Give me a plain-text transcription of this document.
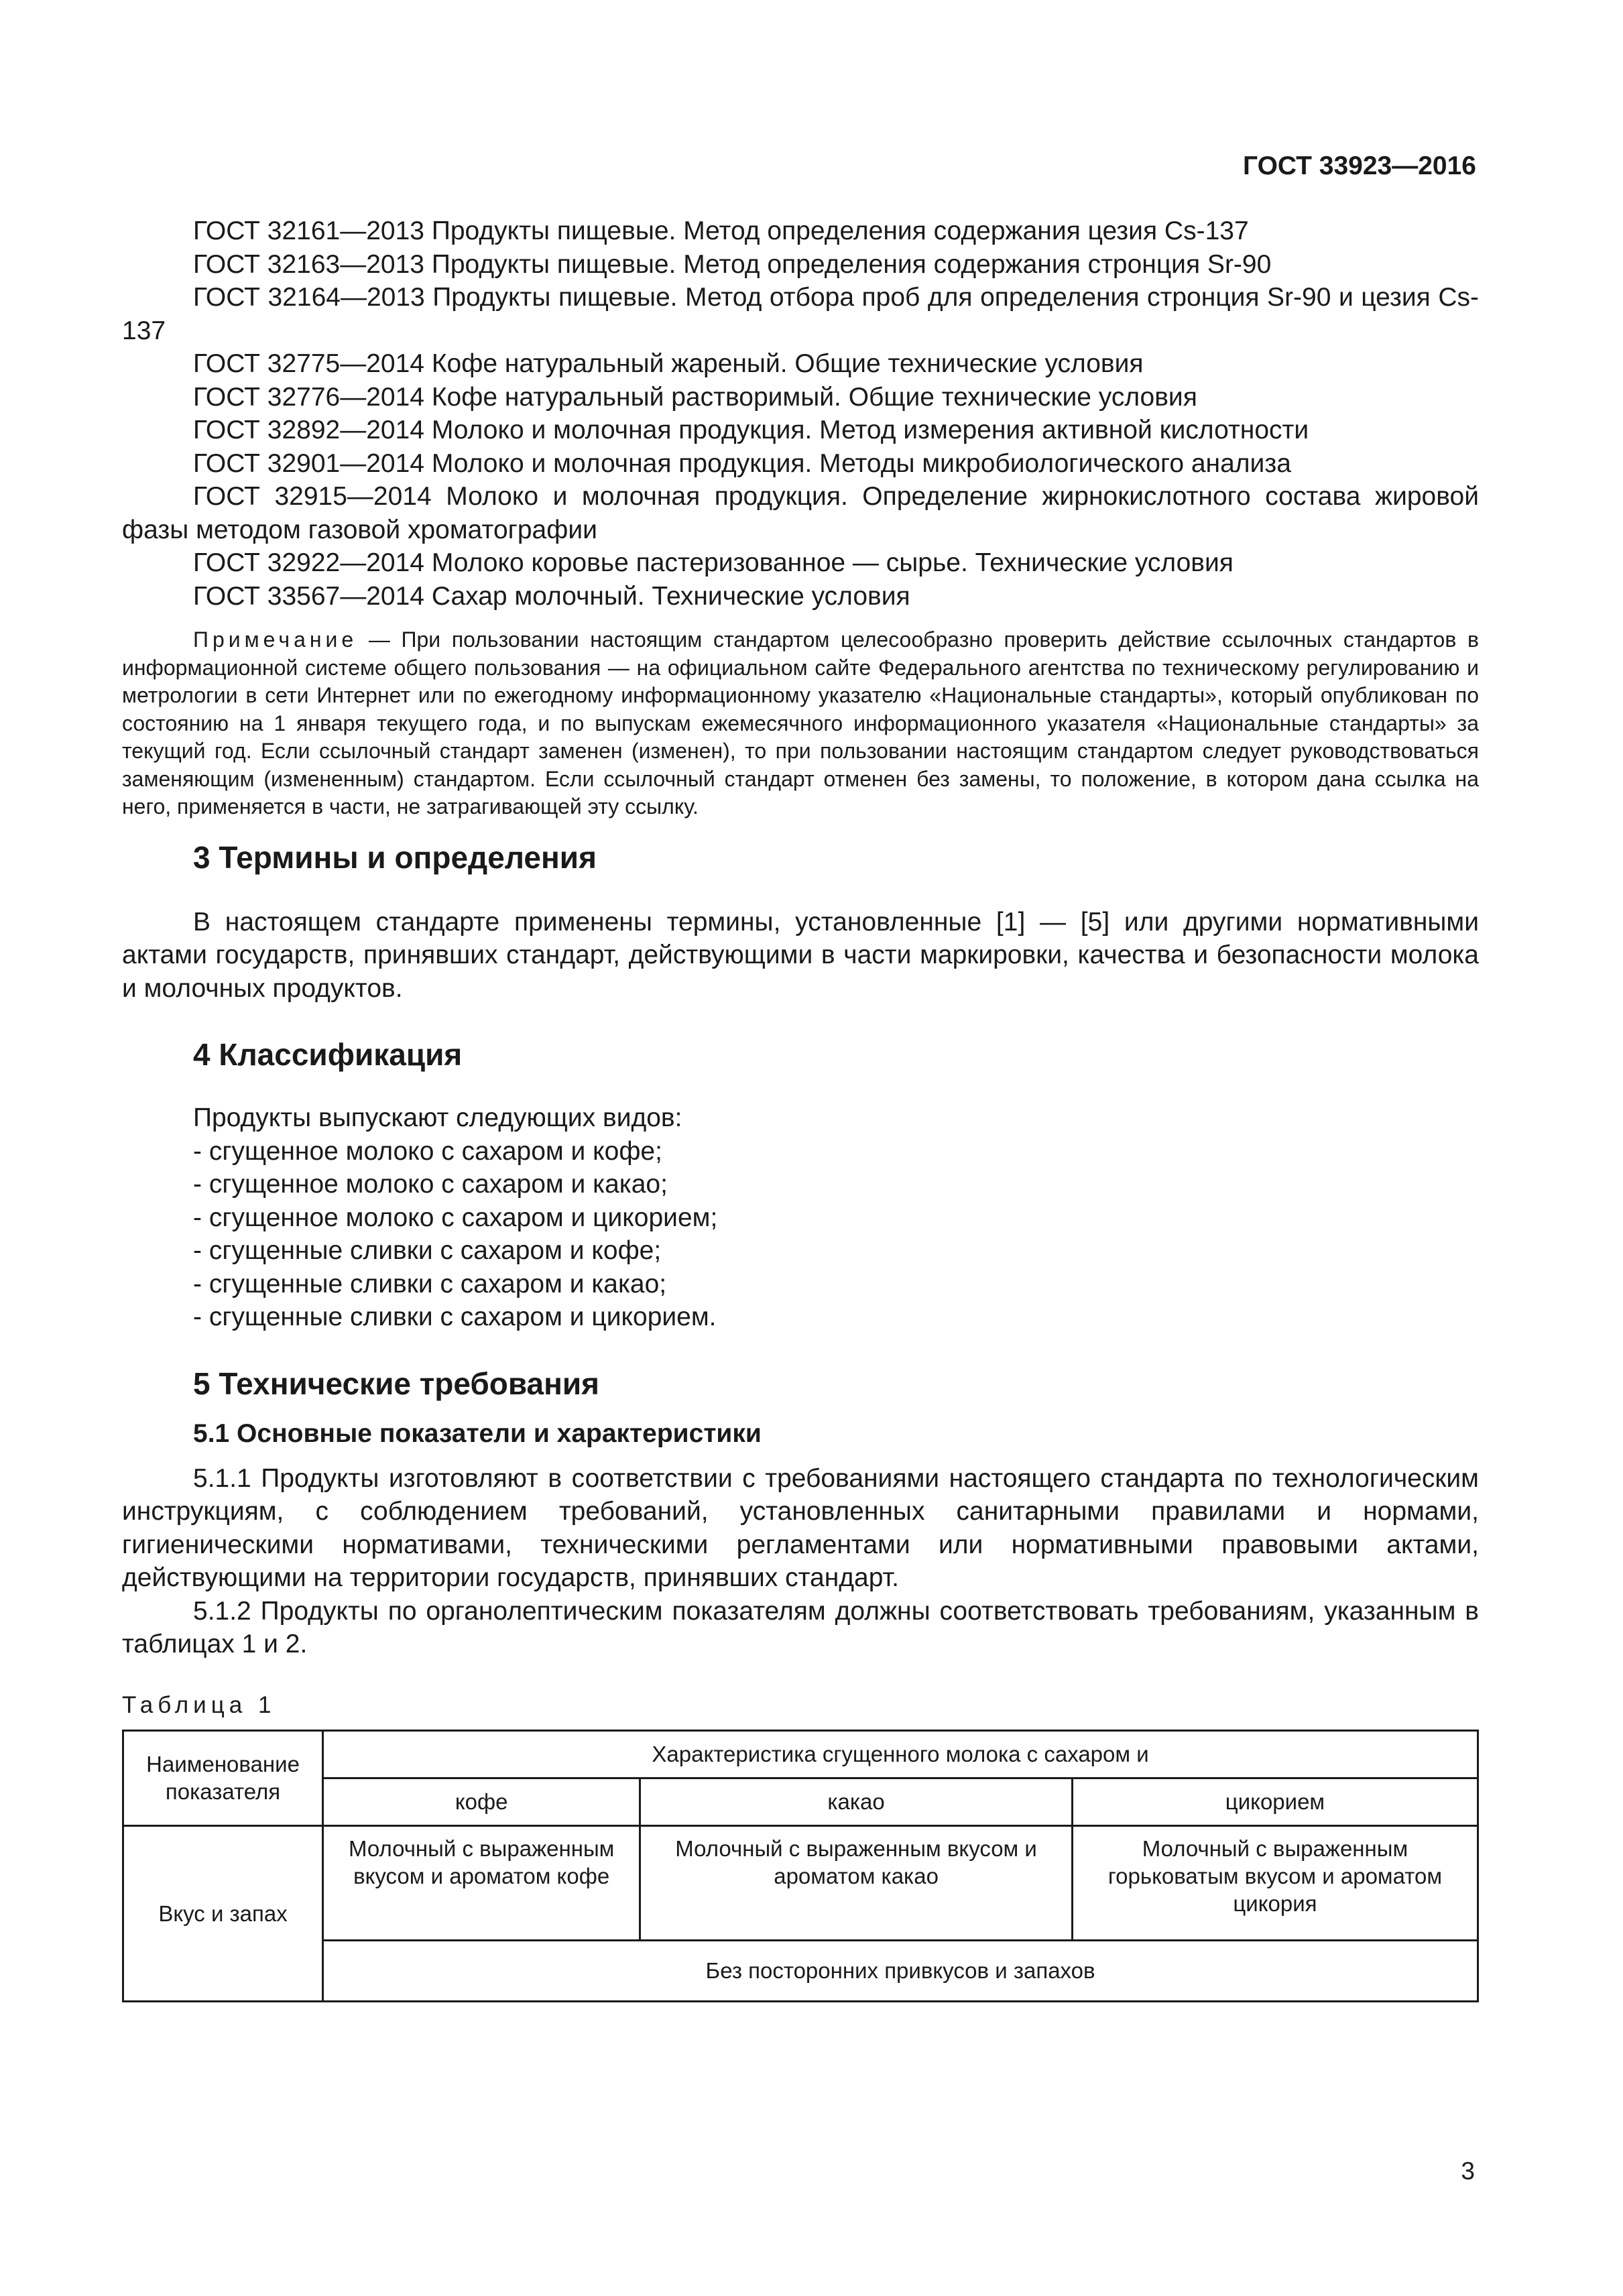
ГОСТ 33923—2016

ГОСТ 32161—2013 Продукты пищевые. Метод определения содержания цезия Cs-137

ГОСТ 32163—2013 Продукты пищевые. Метод определения содержания стронция Sr-90

ГОСТ 32164—2013 Продукты пищевые. Метод отбора проб для определения стронция Sr-90 и цезия Cs-137

ГОСТ 32775—2014 Кофе натуральный жареный. Общие технические условия

ГОСТ 32776—2014 Кофе натуральный растворимый. Общие технические условия

ГОСТ 32892—2014 Молоко и молочная продукция. Метод измерения активной кислотности

ГОСТ 32901—2014 Молоко и молочная продукция. Методы микробиологического анализа

ГОСТ 32915—2014 Молоко и молочная продукция. Определение жирнокислотного состава жировой фазы методом газовой хроматографии

ГОСТ 32922—2014 Молоко коровье пастеризованное — сырье. Технические условия

ГОСТ 33567—2014 Сахар молочный. Технические условия

Примечание — При пользовании настоящим стандартом целесообразно проверить действие ссылочных стандартов в информационной системе общего пользования — на официальном сайте Федерального агентства по техническому регулированию и метрологии в сети Интернет или по ежегодному информационному указателю «Национальные стандарты», который опубликован по состоянию на 1 января текущего года, и по выпускам ежемесячного информационного указателя «Национальные стандарты» за текущий год. Если ссылочный стандарт заменен (изменен), то при пользовании настоящим стандартом следует руководствоваться заменяющим (измененным) стандартом. Если ссылочный стандарт отменен без замены, то положение, в котором дана ссылка на него, применяется в части, не затрагивающей эту ссылку.

3 Термины и определения

В настоящем стандарте применены термины, установленные [1] — [5] или другими нормативными актами государств, принявших стандарт, действующими в части маркировки, качества и безопасности молока и молочных продуктов.

4 Классификация

Продукты выпускают следующих видов:

- сгущенное молоко с сахаром и кофе;

- сгущенное молоко с сахаром и какао;

- сгущенное молоко с сахаром и цикорием;

- сгущенные сливки с сахаром и кофе;

- сгущенные сливки с сахаром и какао;

- сгущенные сливки с сахаром и цикорием.

5 Технические требования
5.1 Основные показатели и характеристики

5.1.1 Продукты изготовляют в соответствии с требованиями настоящего стандарта по технологическим инструкциям, с соблюдением требований, установленных санитарными правилами и нормами, гигиеническими нормативами, техническими регламентами или нормативными правовыми актами, действующими на территории государств, принявших стандарт.

5.1.2 Продукты по органолептическим показателям должны соответствовать требованиям, указанным в таблицах 1 и 2.

Таблица 1
Наименование показателя	Характеристика сгущенного молока с сахаром и		
	кофе	какао	цикорием
Вкус и запах	Молочный с выраженным вкусом и ароматом кофе	Молочный с выраженным вкусом и ароматом какао	Молочный с выраженным горьковатым вкусом и ароматом цикория
	Без посторонних привкусов и запахов		
3
